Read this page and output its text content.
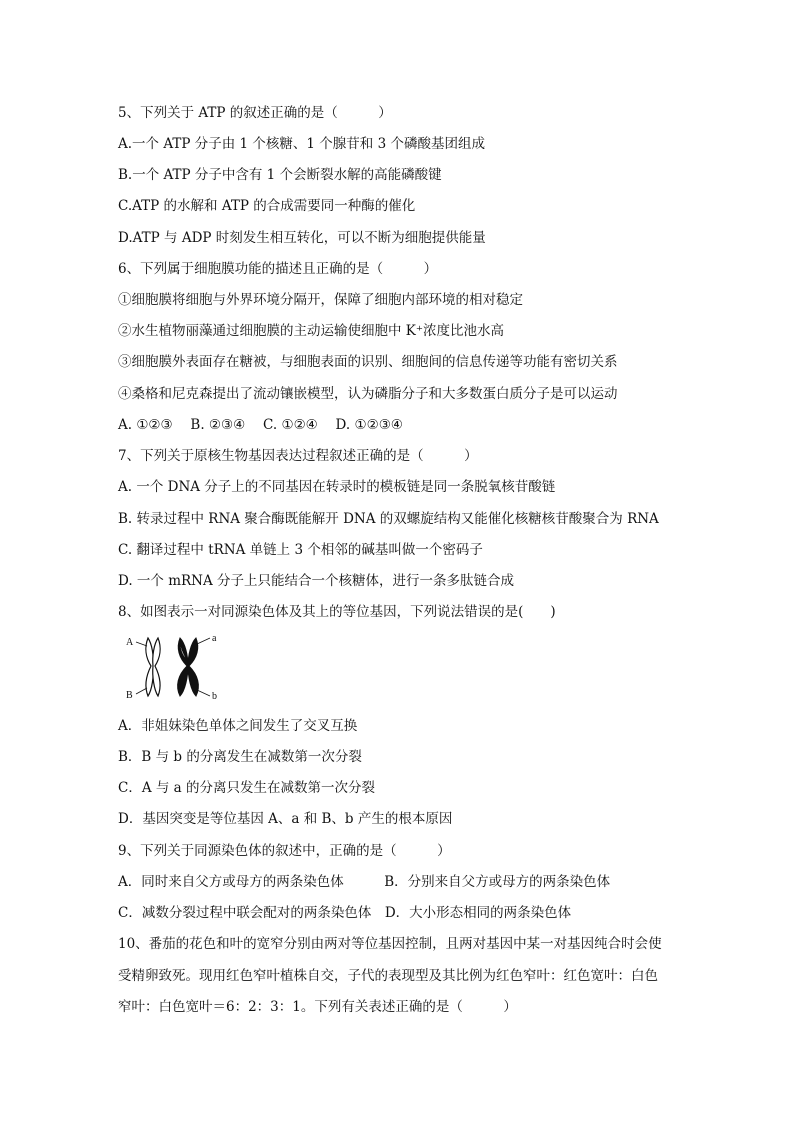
5、下列关于 ATP 的叙述正确的是（　　　）
A.一个 ATP 分子由 1 个核糖、1 个腺苷和 3 个磷酸基团组成
B.一个 ATP 分子中含有 1 个会断裂水解的高能磷酸键
C.ATP 的水解和 ATP 的合成需要同一种酶的催化
D.ATP 与 ADP 时刻发生相互转化，可以不断为细胞提供能量
6、下列属于细胞膜功能的描述且正确的是（　　　）
①细胞膜将细胞与外界环境分隔开，保障了细胞内部环境的相对稳定
②水生植物丽藻通过细胞膜的主动运输使细胞中 K⁺浓度比池水高
③细胞膜外表面存在糖被，与细胞表面的识别、细胞间的信息传递等功能有密切关系
④桑格和尼克森提出了流动镶嵌模型，认为磷脂分子和大多数蛋白质分子是可以运动
A. ①②③　 B. ②③④　 C. ①②④　 D. ①②③④
7、下列关于原核生物基因表达过程叙述正确的是（　　　）
A. 一个 DNA 分子上的不同基因在转录时的模板链是同一条脱氧核苷酸链
B. 转录过程中 RNA 聚合酶既能解开 DNA 的双螺旋结构又能催化核糖核苷酸聚合为 RNA
C. 翻译过程中 tRNA 单链上 3 个相邻的碱基叫做一个密码子
D. 一个 mRNA 分子上只能结合一个核糖体，进行一条多肽链合成
8、如图表示一对同源染色体及其上的等位基因，下列说法错误的是(　　)
A
B
a
b
A．非姐妹染色单体之间发生了交叉互换
B．B 与 b 的分离发生在减数第一次分裂
C．A 与 a 的分离只发生在减数第一次分裂
D．基因突变是等位基因 A、a 和 B、b 产生的根本原因
9、下列关于同源染色体的叙述中，正确的是（　　　）
A．同时来自父方或母方的两条染色体　　　B．分别来自父方或母方的两条染色体
C．减数分裂过程中联会配对的两条染色体　D．大小形态相同的两条染色体
10、番茄的花色和叶的宽窄分别由两对等位基因控制，且两对基因中某一对基因纯合时会使
受精卵致死。现用红色窄叶植株自交，子代的表现型及其比例为红色窄叶：红色宽叶：白色
窄叶：白色宽叶＝6：2：3：1。下列有关表述正确的是（　　　）
